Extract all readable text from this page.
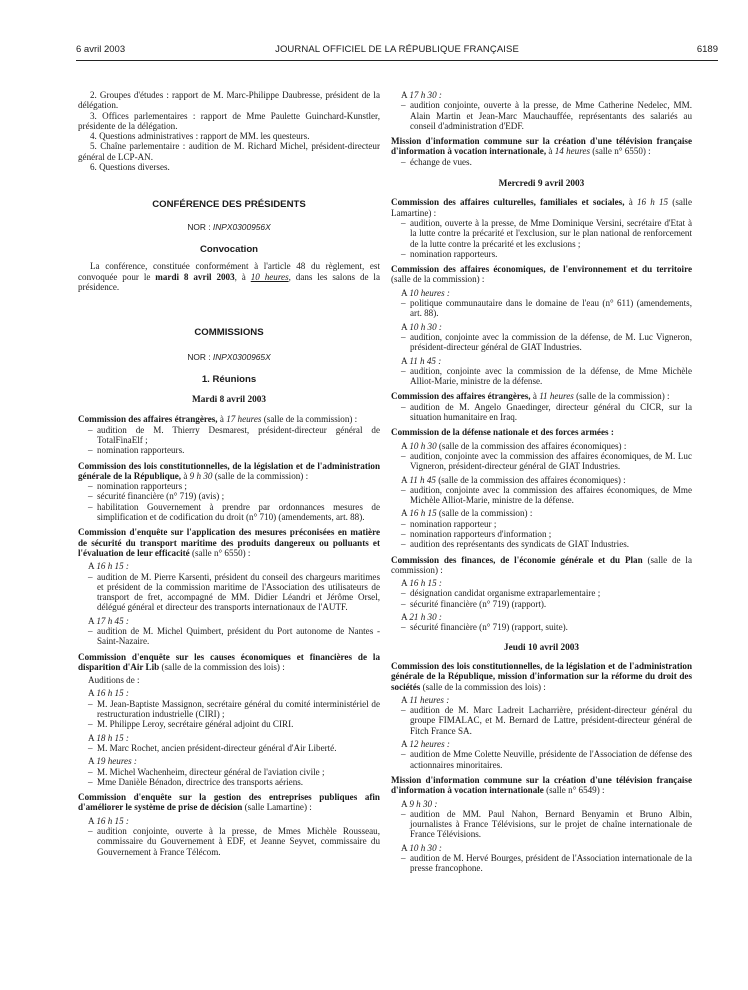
6 avril 2003	JOURNAL OFFICIEL DE LA RÉPUBLIQUE FRANÇAISE	6189

2. Groupes d'études : rapport de M. Marc-Philippe Daubresse, président de la délégation.

3. Offices parlementaires : rapport de Mme Paulette Guinchard-Kunstler, présidente de la délégation.

4. Questions administratives : rapport de MM. les questeurs.

5. Chaîne parlementaire : audition de M. Richard Michel, président-directeur général de LCP-AN.

6. Questions diverses.

CONFÉRENCE DES PRÉSIDENTS
NOR : INPX0300956X
Convocation

La conférence, constituée conformément à l'article 48 du règlement, est convoquée pour le mardi 8 avril 2003, à 10 heures, dans les salons de la présidence.

COMMISSIONS
NOR : INPX0300965X
1. Réunions
Mardi 8 avril 2003

Commission des affaires étrangères, à 17 heures (salle de la commission) :

– audition de M. Thierry Desmarest, président-directeur général de TotalFinaElf ;
– nomination rapporteurs.

Commission des lois constitutionnelles, de la législation et de l'administration générale de la République, à 9 h 30 (salle de la commission) :

– nomination rapporteurs ;
– sécurité financière (n° 719) (avis) ;
– habilitation Gouvernement à prendre par ordonnances mesures de simplification et de codification du droit (n° 710) (amendements, art. 88).

Commission d'enquête sur l'application des mesures préconisées en matière de sécurité du transport maritime des produits dangereux ou polluants et l'évaluation de leur efficacité (salle n° 6550) :

A 16 h 15 :

– audition de M. Pierre Karsenti, président du conseil des chargeurs maritimes et président de la commission maritime de l'Association des utilisateurs de transport de fret, accompagné de MM. Didier Léandri et Jérôme Orsel, délégué général et directeur des transports internationaux de l'AUTF.

A 17 h 45 :

– audition de M. Michel Quimbert, président du Port autonome de Nantes - Saint-Nazaire.

Commission d'enquête sur les causes économiques et financières de la disparition d'Air Lib (salle de la commission des lois) :

Auditions de :

A 16 h 15 :

– M. Jean-Baptiste Massignon, secrétaire général du comité interministériel de restructuration industrielle (CIRI) ;
– M. Philippe Leroy, secrétaire général adjoint du CIRI.

A 18 h 15 :

– M. Marc Rochet, ancien président-directeur général d'Air Liberté.

A 19 heures :

– M. Michel Wachenheim, directeur général de l'aviation civile ;
– Mme Danièle Bénadon, directrice des transports aériens.

Commission d'enquête sur la gestion des entreprises publiques afin d'améliorer le système de prise de décision (salle Lamartine) :

A 16 h 15 :

– audition conjointe, ouverte à la presse, de Mmes Michèle Rousseau, commissaire du Gouvernement à EDF, et Jeanne Seyvet, commissaire du Gouvernement à France Télécom.

A 17 h 30 :

– audition conjointe, ouverte à la presse, de Mme Catherine Nedelec, MM. Alain Martin et Jean-Marc Mauchauffée, représentants des salariés au conseil d'administration d'EDF.

Mission d'information commune sur la création d'une télévision française d'information à vocation internationale, à 14 heures (salle n° 6550) :

– échange de vues.
Mercredi 9 avril 2003

Commission des affaires culturelles, familiales et sociales, à 16 h 15 (salle Lamartine) :

– audition, ouverte à la presse, de Mme Dominique Versini, secrétaire d'Etat à la lutte contre la précarité et l'exclusion, sur le plan national de renforcement de la lutte contre la précarité et les exclusions ;
– nomination rapporteurs.

Commission des affaires économiques, de l'environnement et du territoire (salle de la commission) :

A 10 heures :

– politique communautaire dans le domaine de l'eau (n° 611) (amendements, art. 88).

A 10 h 30 :

– audition, conjointe avec la commission de la défense, de M. Luc Vigneron, président-directeur général de GIAT Industries.

A 11 h 45 :

– audition, conjointe avec la commission de la défense, de Mme Michèle Alliot-Marie, ministre de la défense.

Commission des affaires étrangères, à 11 heures (salle de la commission) :

– audition de M. Angelo Gnaedinger, directeur général du CICR, sur la situation humanitaire en Iraq.

Commission de la défense nationale et des forces armées :

A 10 h 30 (salle de la commission des affaires économiques) :

– audition, conjointe avec la commission des affaires économiques, de M. Luc Vigneron, président-directeur général de GIAT Industries.

A 11 h 45 (salle de la commission des affaires économiques) :

– audition, conjointe avec la commission des affaires économiques, de Mme Michèle Alliot-Marie, ministre de la défense.

A 16 h 15 (salle de la commission) :

– nomination rapporteur ;
– nomination rapporteurs d'information ;
– audition des représentants des syndicats de GIAT Industries.

Commission des finances, de l'économie générale et du Plan (salle de la commission) :

A 16 h 15 :

– désignation candidat organisme extraparlementaire ;
– sécurité financière (n° 719) (rapport).

A 21 h 30 :

– sécurité financière (n° 719) (rapport, suite).
Jeudi 10 avril 2003

Commission des lois constitutionnelles, de la législation et de l'administration générale de la République, mission d'information sur la réforme du droit des sociétés (salle de la commission des lois) :

A 11 heures :

– audition de M. Marc Ladreit Lacharrière, président-directeur général du groupe FIMALAC, et M. Bernard de Lattre, président-directeur général de Fitch France SA.

A 12 heures :

– audition de Mme Colette Neuville, présidente de l'Association de défense des actionnaires minoritaires.

Mission d'information commune sur la création d'une télévision française d'information à vocation internationale (salle n° 6549) :

A 9 h 30 :

– audition de MM. Paul Nahon, Bernard Benyamin et Bruno Albin, journalistes à France Télévisions, sur le projet de chaîne internationale de France Télévisions.

A 10 h 30 :

– audition de M. Hervé Bourges, président de l'Association internationale de la presse francophone.
